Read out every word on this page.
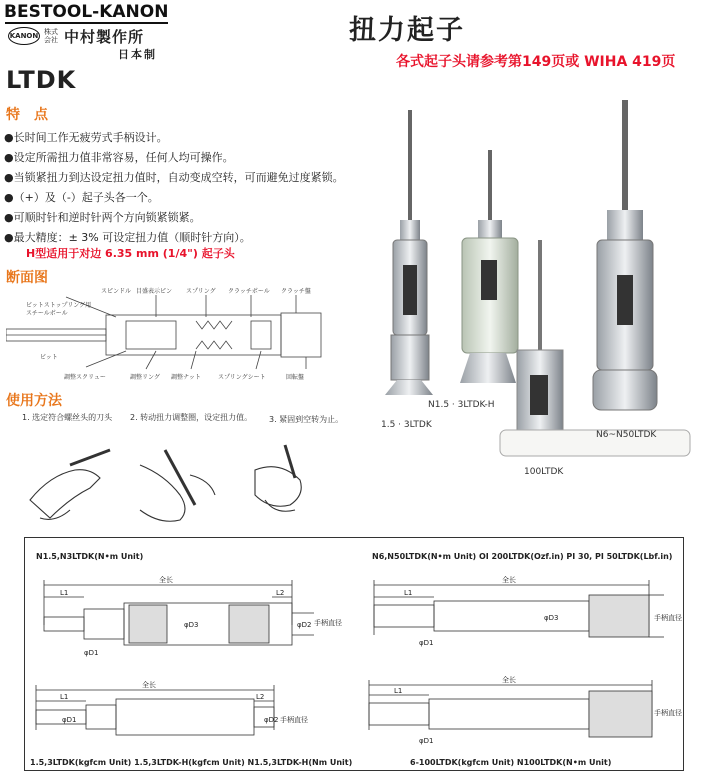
BESTOOL-KANON
KANON 株式会社 中村製作所
日本制
LTDK
扭力起子
各式起子头请参考第149页或 WIHA 419页
特　点
●长时间工作无疲劳式手柄设计。
●设定所需扭力值非常容易，任何人均可操作。
●当锁紧扭力到达设定扭力值时，自动变成空转，可而避免过度紧锁。
●（+）及（-）起子头各一个。
●可顺时针和逆时针两个方向锁紧锁紧。
●最大精度：± 3% 可设定扭力值（顺时针方向）。
H型适用于对边 6.35 mm (1/4") 起子头
断面图
スピンドル 目盛表示ピン スプリング クラッチボール クラッチ盤
ビットストップリング用
スチールボール
ビット
調整スクリュー	調整リング 調整ナット	スプリングシート	回転盤
使用方法
1. 选定符合螺丝头的刀头 2. 转动扭力调整圈，设定扭力值。 3. 紧固到空转为止。
1.5 · 3LTDK
N1.5 · 3LTDK-H
100LTDK
N6~N50LTDK
N1.5,N3LTDK(N•m Unit)	N6,N50LTDK(N•m Unit) OI 200LTDK(Ozf.in) PI 30, PI 50LTDK(Lbf.in)
1.5,3LTDK(kgfcm Unit) 1.5,3LTDK-H(kgfcm Unit) N1.5,3LTDK-H(Nm Unit)	6-100LTDK(kgfcm Unit) N100LTDK(N•m Unit)
全长
L1	L2
φD1
φD3	φD2 手柄直径
全长
L1
φD3
φD1
手柄直径
全长
L1	L2
φD1	φD2 手柄直径
全长
L1
φD1
手柄直径
